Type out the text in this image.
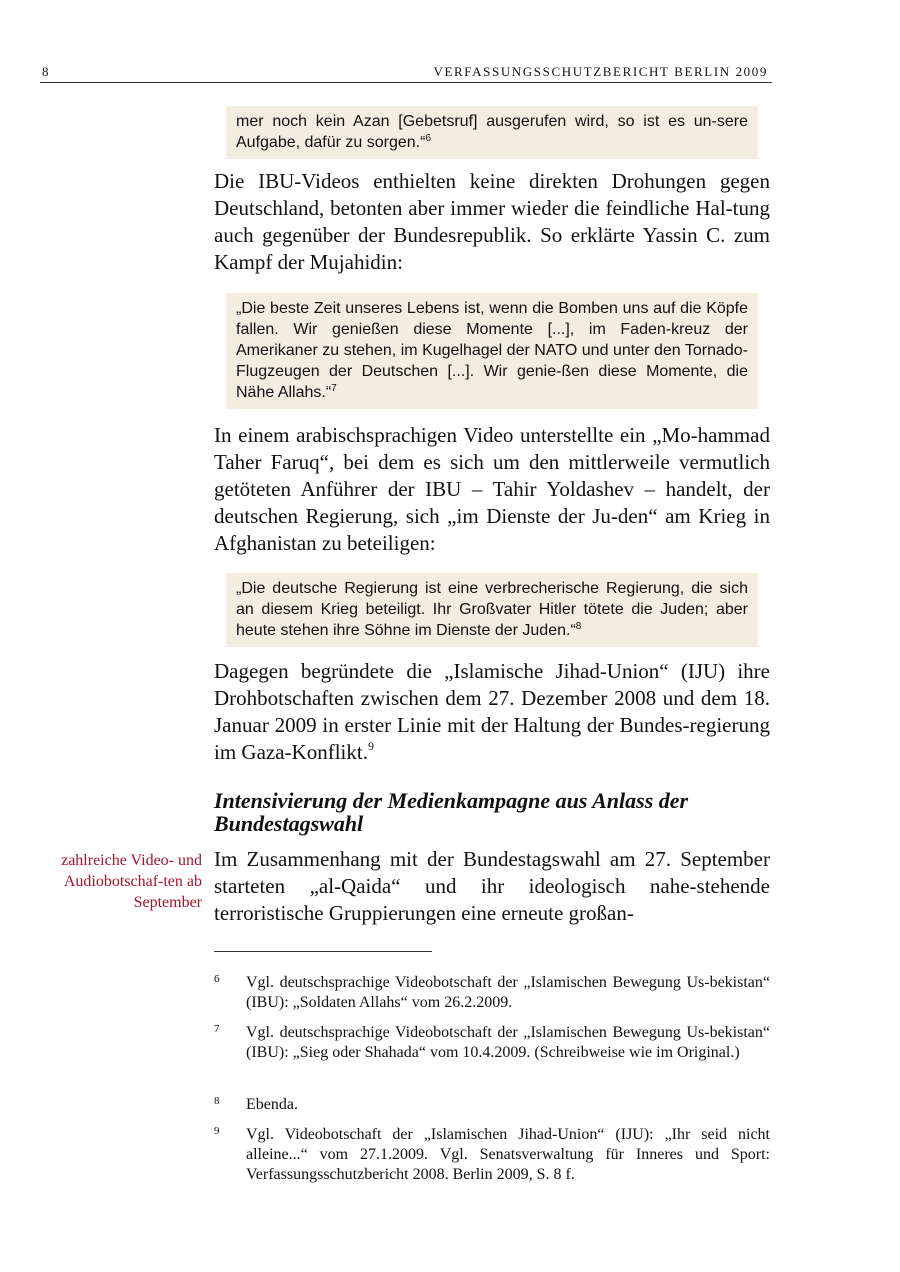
8	VERFASSUNGSSCHUTZBERICHT BERLIN 2009
mer noch kein Azan [Gebetsruf] ausgerufen wird, so ist es un-sere Aufgabe, dafür zu sorgen.“$^6$

Die IBU-Videos enthielten keine direkten Drohungen gegen Deutschland, betonten aber immer wieder die feindliche Hal-tung auch gegenüber der Bundesrepublik. So erklärte Yassin C. zum Kampf der Mujahidin:

„Die beste Zeit unseres Lebens ist, wenn die Bomben uns auf die Köpfe fallen. Wir genießen diese Momente [...], im Faden-kreuz der Amerikaner zu stehen, im Kugelhagel der NATO und unter den Tornado-Flugzeugen der Deutschen [...]. Wir genie-ßen diese Momente, die Nähe Allahs.“$^7$

In einem arabischsprachigen Video unterstellte ein „Mo-hammad Taher Faruq“, bei dem es sich um den mittlerweile vermutlich getöteten Anführer der IBU – Tahir Yoldashev – handelt, der deutschen Regierung, sich „im Dienste der Ju-den“ am Krieg in Afghanistan zu beteiligen:

„Die deutsche Regierung ist eine verbrecherische Regierung, die sich an diesem Krieg beteiligt. Ihr Großvater Hitler tötete die Juden; aber heute stehen ihre Söhne im Dienste der Juden.“$^8$

Dagegen begründete die „Islamische Jihad-Union“ (IJU) ihre Drohbotschaften zwischen dem 27. Dezember 2008 und dem 18. Januar 2009 in erster Linie mit der Haltung der Bundes-regierung im Gaza-Konflikt.$^9$

Intensivierung der Medienkampagne aus Anlass der Bundestagswahl

zahlreiche Video- und Audiobotschaf-ten ab September

Im Zusammenhang mit der Bundestagswahl am 27. September starteten „al-Qaida“ und ihr ideologisch nahe-stehende terroristische Gruppierungen eine erneute großan-

6 Vgl. deutschsprachige Videobotschaft der „Islamischen Bewegung Us-bekistan“ (IBU): „Soldaten Allahs“ vom 26.2.2009.
7 Vgl. deutschsprachige Videobotschaft der „Islamischen Bewegung Us-bekistan“ (IBU): „Sieg oder Shahada“ vom 10.4.2009. (Schreibweise wie im Original.)
8 Ebenda.
9 Vgl. Videobotschaft der „Islamischen Jihad-Union“ (IJU): „Ihr seid nicht alleine...“ vom 27.1.2009. Vgl. Senatsverwaltung für Inneres und Sport: Verfassungsschutzbericht 2008. Berlin 2009, S. 8 f.
